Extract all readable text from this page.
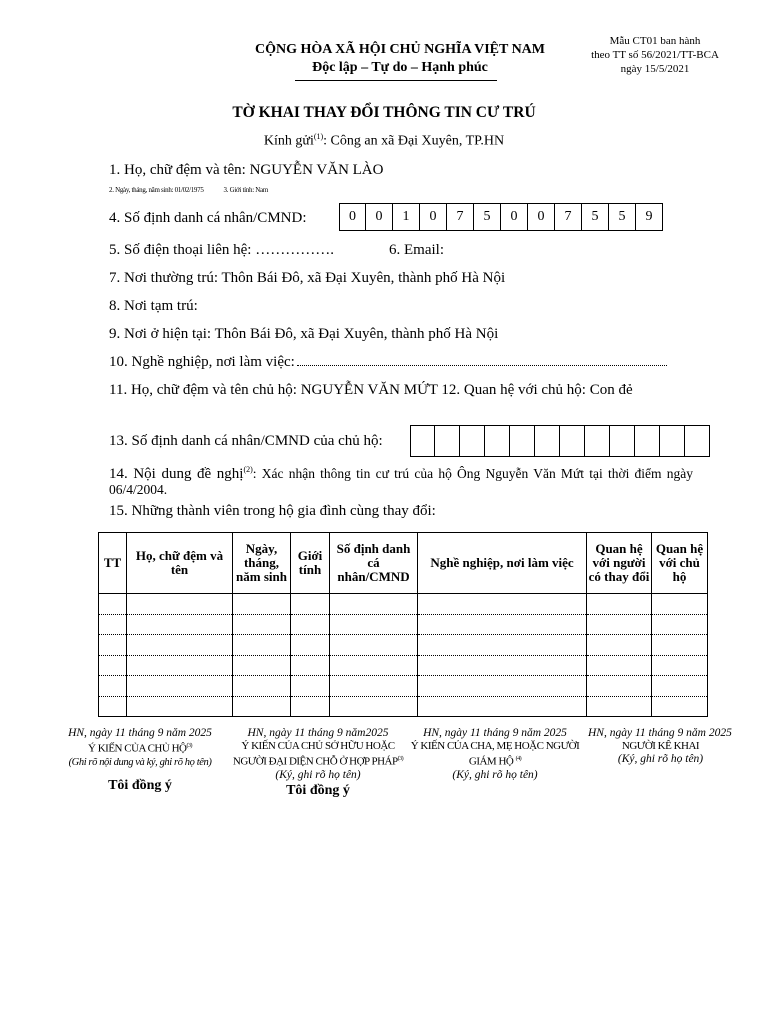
CỘNG HÒA XÃ HỘI CHỦ NGHĨA VIỆT NAM
Độc lập – Tự do – Hạnh phúc
Mẫu CT01 ban hành
theo TT số 56/2021/TT-BCA
ngày 15/5/2021
TỜ KHAI THAY ĐỔI THÔNG TIN CƯ TRÚ
Kính gửi$^{(1)}$: Công an xã Đại Xuyên, TP.HN
1. Họ, chữ đệm và tên: NGUYỄN VĂN LÀO
2. Ngày, tháng, năm sinh: 01/02/1975	3. Giới tính: Nam
4. Số định danh cá nhân/CMND:	0	0	1	0	7	5	0	0	7	5	5	9
5. Số điện thoại liên hệ: …………….	6. Email:
7. Nơi thường trú: Thôn Bái Đô, xã Đại Xuyên, thành phố Hà Nội
8. Nơi tạm trú:
9. Nơi ở hiện tại: Thôn Bái Đô, xã Đại Xuyên, thành phố Hà Nội
10. Nghề nghiệp, nơi làm việc:
11. Họ, chữ đệm và tên chủ hộ: NGUYỄN VĂN MỨT 12. Quan hệ với chủ hộ: Con đẻ
13. Số định danh cá nhân/CMND của chủ hộ:
14. Nội dung đề nghị$^{(2)}$: Xác nhận thông tin cư trú của hộ Ông Nguyễn Văn Mứt tại thời điểm ngày 06/4/2004.
15. Những thành viên trong hộ gia đình cùng thay đổi:
TT	Họ, chữ đệm và tên	Ngày, tháng, năm sinh	Giới tính	Số định danh cá nhân/CMND	Nghề nghiệp, nơi làm việc	Quan hệ với người có thay đổi	Quan hệ với chủ hộ

HN, ngày 11 tháng 9 năm 2025
Ý KIẾN CỦA CHỦ HỘ$^{(3)}$
(Ghi rõ nội dung và ký, ghi rõ họ tên)
Tôi đồng ý
HN, ngày 11 tháng 9 năm2025
Ý KIẾN CỦA CHỦ SỞ HỮU HOẶC NGƯỜI ĐẠI DIỆN CHỖ Ở HỢP PHÁP$^{(3)}$
(Ký, ghi rõ họ tên)
Tôi đồng ý
HN, ngày 11 tháng 9 năm 2025
Ý KIẾN CỦA CHA, MẸ HOẶC NGƯỜI GIÁM HỘ $^{(4)}$
(Ký, ghi rõ họ tên)
HN, ngày 11 tháng 9 năm 2025
NGƯỜI KÊ KHAI
(Ký, ghi rõ họ tên)
